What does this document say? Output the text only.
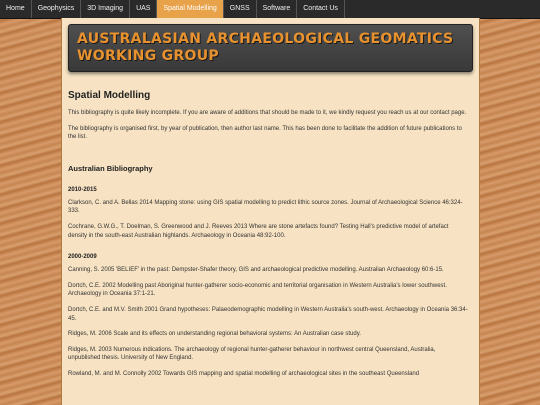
Home	Geophysics	3D Imaging	UAS	Spatial Modelling	GNSS	Software	Contact Us
AUSTRALASIAN ARCHAEOLOGICAL GEOMATICS
WORKING GROUP
Spatial Modelling

This bibliography is quite likely incomplete. If you are aware of additions that should be made to it, we kindly request you reach us at our contact page.

The bibliography is organised first, by year of publication, then author last name. This has been done to facilitate the addition of future publications to the list.

Australian Bibliography
2010-2015

Clarkson, C. and A. Bellas 2014 Mapping stone: using GIS spatial modelling to predict lithic source zones. Journal of Archaeological Science 46:324-333.

Cochrane, G.W.G., T. Doelman, S. Greenwood and J. Reeves 2013 Where are stone artefacts found? Testing Hall's predictive model of artefact density in the south-east Australian highlands. Archaeology in Oceania 48:92-100.

2000-2009

Canning, S. 2005 'BELIEF' in the past: Dempster-Shafer theory, GIS and archaeological predictive modelling. Australian Archaeology 60:6-15.

Dortch, C.E. 2002 Modelling past Aboriginal hunter-gatherer socio-economic and territorial organisation in Western Australia's lower southwest. Archaeology in Oceania 37:1-21.

Dortch, C.E. and M.V. Smith 2001 Grand hypotheses: Palaeodemographic modelling in Western Australia's south-west. Archaeology in Oceania 36:34-45.

Ridges, M. 2006 Scale and its effects on understanding regional behavioral systems: An Australian case study.

Ridges, M. 2003 Numerous indications. The archaeology of regional hunter-gatherer behaviour in northwest central Queensland, Australia, unpublished thesis. University of New England.

Rowland, M. and M. Connolly 2002 Towards GIS mapping and spatial modelling of archaeological sites in the southeast Queensland
